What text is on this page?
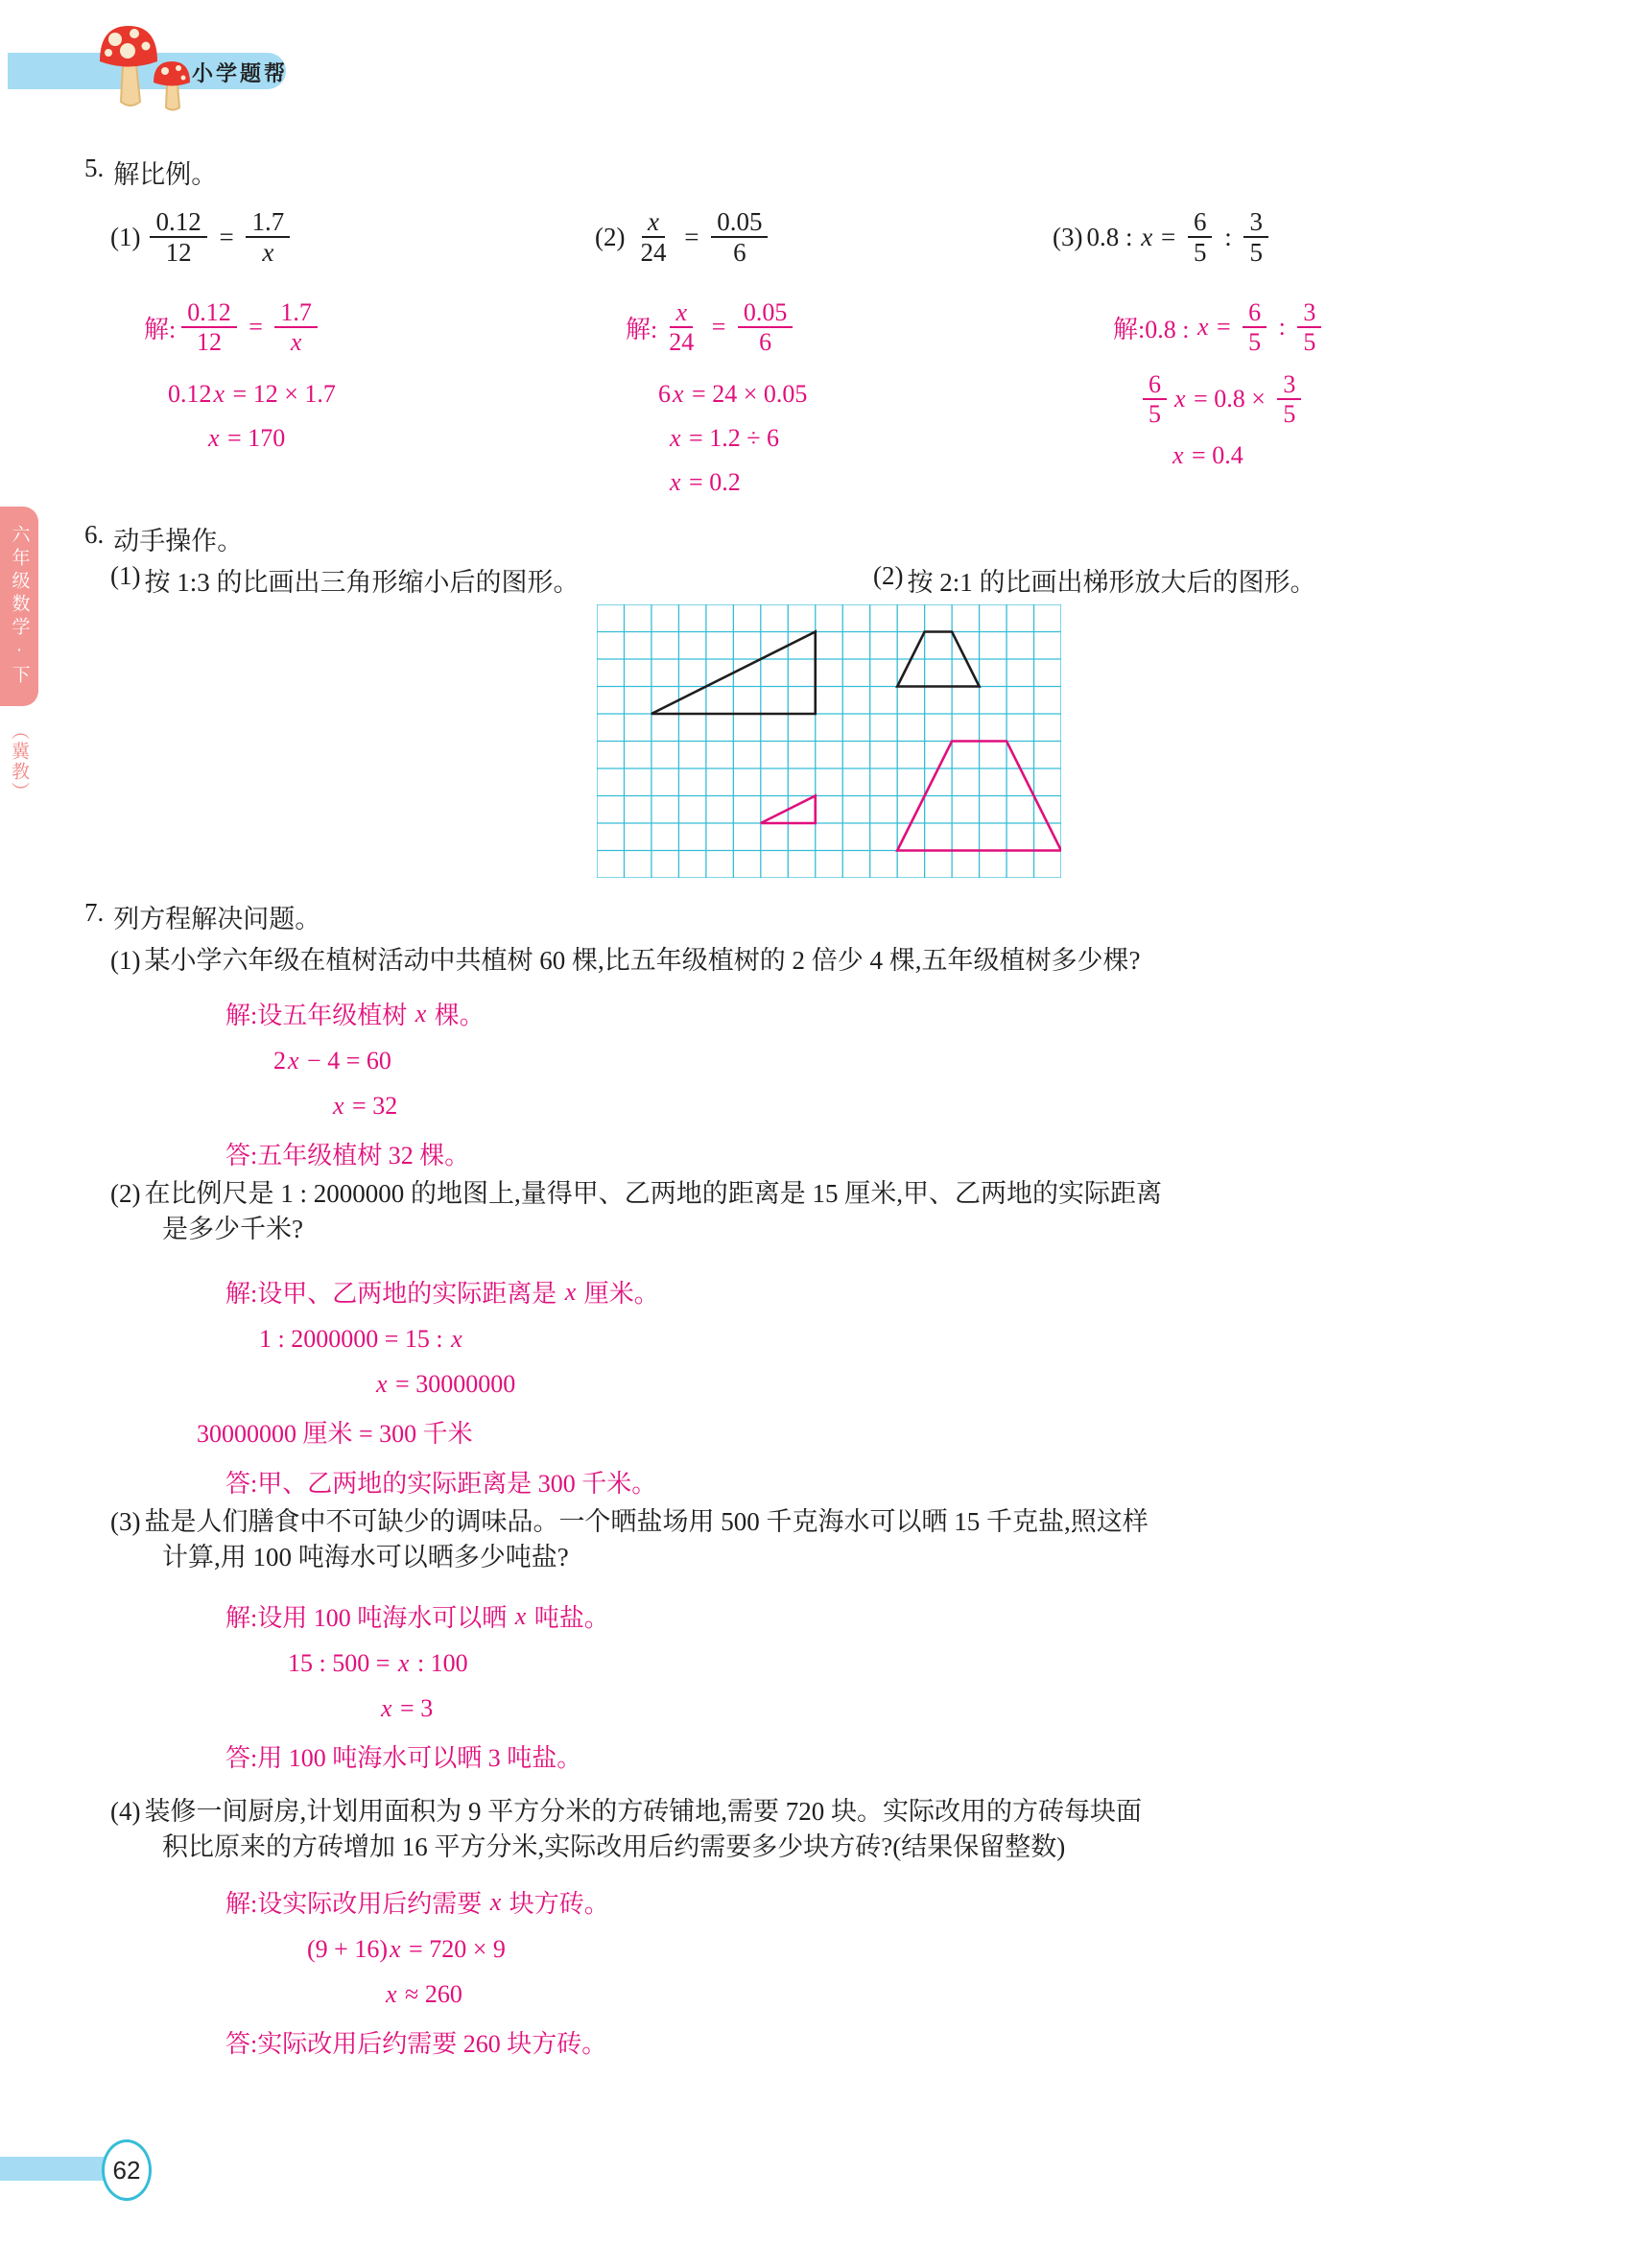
小学题帮
六年级数学·下
（冀教）
5. 解比例。
$(1) \frac{0.12}{12} = \frac{1.7}{x}$
解: $\frac{0.12}{12} = \frac{1.7}{x}$
0.12 x = 12 × 1.7
x = 170
$(2) \frac{x}{24} = \frac{0.05}{6}$
解: $\frac{x}{24} = \frac{0.05}{6}$
6 x = 24 × 0.05
x = 1.2 ÷ 6
x = 0.2
(3) 0.8 : $x = \frac{6}{5}$ : $\frac{3}{5}$
解:0.8 : $x = \frac{6}{5}$ : $\frac{3}{5}$
$\frac{6}{5}$ $x = 0.8 \times \frac{3}{5}$
x = 0.4
6. 动手操作。
(1) 按 1:3 的比画出三角形缩小后的图形。	(2) 按 2:1 的比画出梯形放大后的图形。
7. 列方程解决问题。
(1) 某小学六年级在植树活动中共植树 60 棵,比五年级植树的 2 倍少 4 棵,五年级植树多少棵?
解:设五年级植树 x 棵。
2 x − 4 = 60
x = 32
答:五年级植树 32 棵。
(2) 在比例尺是 1 : 2000000 的地图上,量得甲、乙两地的距离是 15 厘米,甲、乙两地的实际距离
是多少千米?
解:设甲、乙两地的实际距离是 x 厘米。
1 : 2000000 = 15 : x
x = 30000000
30000000 厘米 = 300 千米
答:甲、乙两地的实际距离是 300 千米。
(3) 盐是人们膳食中不可缺少的调味品。一个晒盐场用 500 千克海水可以晒 15 千克盐,照这样
计算,用 100 吨海水可以晒多少吨盐?
解:设用 100 吨海水可以晒 x 吨盐。
15 : 500 = x : 100
x = 3
答:用 100 吨海水可以晒 3 吨盐。
(4) 装修一间厨房,计划用面积为 9 平方分米的方砖铺地,需要 720 块。实际改用的方砖每块面
积比原来的方砖增加 16 平方分米,实际改用后约需要多少块方砖?(结果保留整数)
解:设实际改用后约需要 x 块方砖。
(9 + 16) x = 720 × 9
x ≈ 260
答:实际改用后约需要 260 块方砖。
62
